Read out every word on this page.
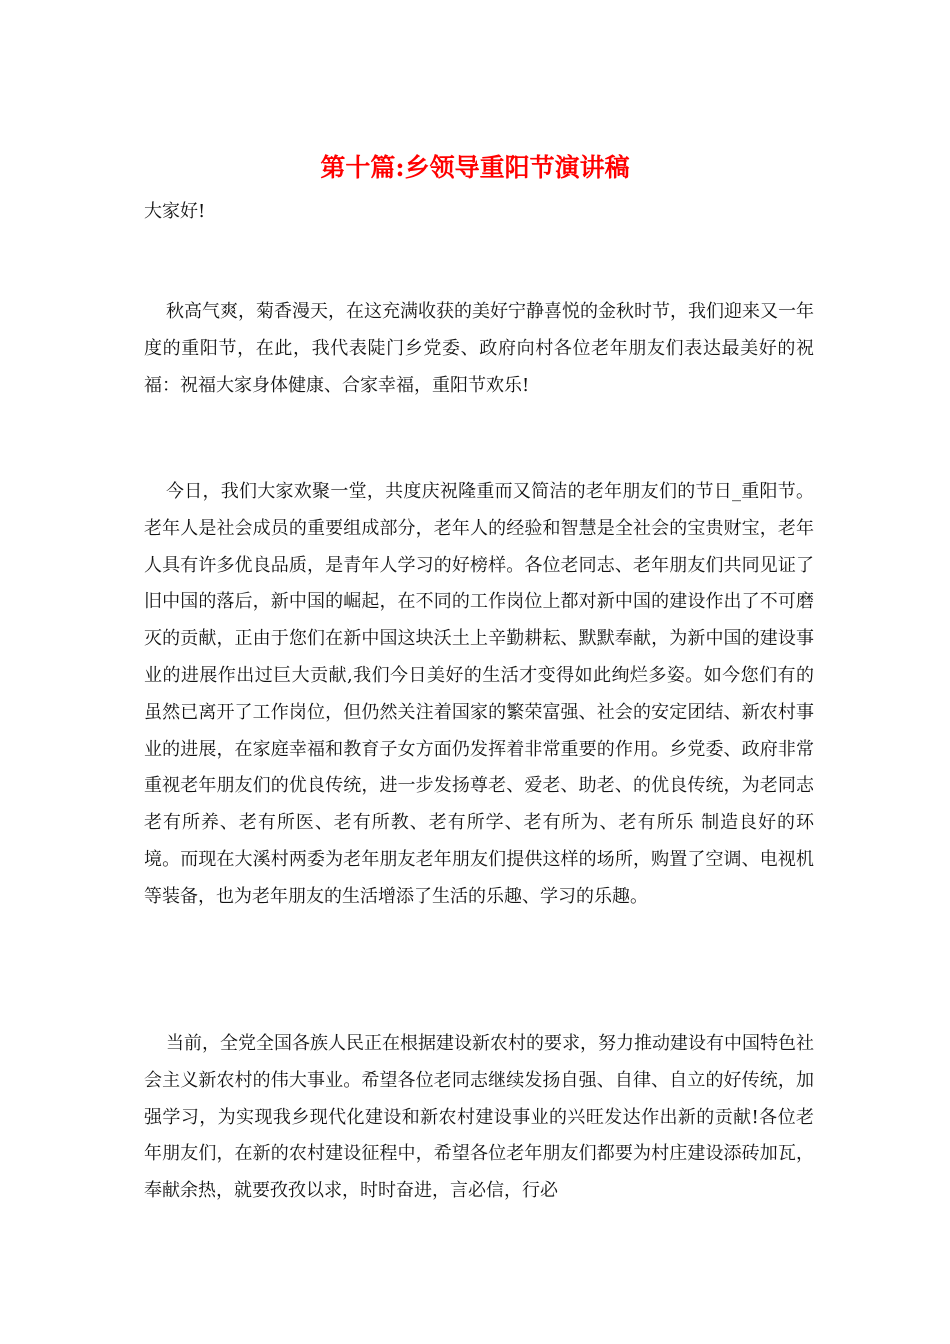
第十篇:乡领导重阳节演讲稿

大家好!

秋高气爽，菊香漫天，在这充满收获的美好宁静喜悦的金秋时节，我们迎来又一年度的重阳节，在此，我代表陡门乡党委、政府向村各位老年朋友们表达最美好的祝福：祝福大家身体健康、合家幸福，重阳节欢乐!

今日，我们大家欢聚一堂，共度庆祝隆重而又简洁的老年朋友们的节日_重阳节。老年人是社会成员的重要组成部分，老年人的经验和智慧是全社会的宝贵财宝，老年人具有许多优良品质，是青年人学习的好榜样。各位老同志、老年朋友们共同见证了旧中国的落后，新中国的崛起，在不同的工作岗位上都对新中国的建设作出了不可磨灭的贡献，正由于您们在新中国这块沃土上辛勤耕耘、默默奉献，为新中国的建设事业的进展作出过巨大贡献,我们今日美好的生活才变得如此绚烂多姿。如今您们有的虽然已离开了工作岗位，但仍然关注着国家的繁荣富强、社会的安定团结、新农村事业的进展，在家庭幸福和教育子女方面仍发挥着非常重要的作用。乡党委、政府非常重视老年朋友们的优良传统，进一步发扬尊老、爱老、助老、的优良传统，为老同志 老有所养、老有所医、老有所教、老有所学、老有所为、老有所乐 制造良好的环境。而现在大溪村两委为老年朋友老年朋友们提供这样的场所，购置了空调、电视机等装备，也为老年朋友的生活增添了生活的乐趣、学习的乐趣。

当前，全党全国各族人民正在根据建设新农村的要求，努力推动建设有中国特色社会主义新农村的伟大事业。希望各位老同志继续发扬自强、自律、自立的好传统，加强学习，为实现我乡现代化建设和新农村建设事业的兴旺发达作出新的贡献!各位老年朋友们，在新的农村建设征程中，希望各位老年朋友们都要为村庄建设添砖加瓦，奉献余热，就要孜孜以求，时时奋进，言必信，行必
